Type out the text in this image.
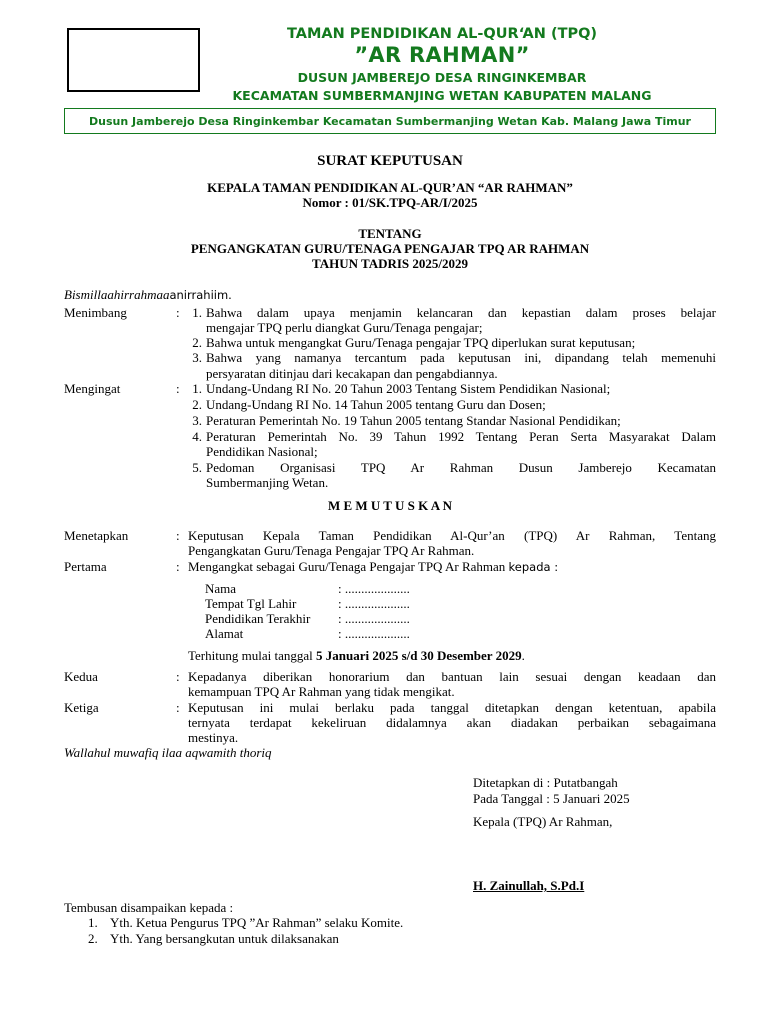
TAMAN PENDIDIKAN AL-QUR‘AN (TPQ)
”AR RAHMAN”
DUSUN JAMBEREJO DESA RINGINKEMBAR
KECAMATAN SUMBERMANJING WETAN KABUPATEN MALANG
Dusun Jamberejo Desa Ringinkembar Kecamatan Sumbermanjing Wetan Kab. Malang Jawa Timur
SURAT KEPUTUSAN
KEPALA TAMAN PENDIDIKAN AL-QUR’AN “AR RAHMAN”
Nomor : 01/SK.TPQ-AR/I/2025
TENTANG
PENGANGKATAN GURU/TENAGA PENGAJAR TPQ AR RAHMAN
TAHUN TADRIS 2025/2029
Bismillaahirrahmaaanirrahiim.
Menimbang	: 1. Bahwa dalam upaya menjamin kelancaran dan kepastian dalam proses belajar
mengajar TPQ perlu diangkat Guru/Tenaga pengajar;
2. Bahwa untuk mengangkat Guru/Tenaga pengajar TPQ diperlukan surat keputusan;
3. Bahwa yang namanya tercantum pada keputusan ini, dipandang telah memenuhi
persyaratan ditinjau dari kecakapan dan pengabdiannya.
Mengingat	: 1. Undang-Undang RI No. 20 Tahun 2003 Tentang Sistem Pendidikan Nasional;
2. Undang-Undang RI No. 14 Tahun 2005 tentang Guru dan Dosen;
3. Peraturan Pemerintah No. 19 Tahun 2005 tentang Standar Nasional Pendidikan;
4. Peraturan Pemerintah No. 39 Tahun 1992 Tentang Peran Serta Masyarakat Dalam
Pendidikan Nasional;
5. Pedoman Organisasi TPQ Ar Rahman Dusun Jamberejo Kecamatan
Sumbermanjing Wetan.
M E M U T U S K A N
Menetapkan	: Keputusan Kepala Taman Pendidikan Al-Qur’an (TPQ) Ar Rahman, Tentang
Pengangkatan Guru/Tenaga Pengajar TPQ Ar Rahman.
Pertama	: Mengangkat sebagai Guru/Tenaga Pengajar TPQ Ar Rahman kepada :
Nama	: ....................
Tempat Tgl Lahir	: ....................
Pendidikan Terakhir : ....................
Alamat	: ....................
Terhitung mulai tanggal 5 Januari 2025 s/d 30 Desember 2029.
Kedua	: Kepadanya diberikan honorarium dan bantuan lain sesuai dengan keadaan dan
kemampuan TPQ Ar Rahman yang tidak mengikat.
Ketiga	: Keputusan ini mulai berlaku pada tanggal ditetapkan dengan ketentuan, apabila
ternyata terdapat kekeliruan didalamnya akan diadakan perbaikan sebagaimana
mestinya.
Wallahul muwafiq ilaa aqwamith thoriq
Ditetapkan di : Putatbangah
Pada Tanggal : 5 Januari 2025
Kepala (TPQ) Ar Rahman,
H. Zainullah, S.Pd.I
Tembusan disampaikan kepada :
1. Yth. Ketua Pengurus TPQ ”Ar Rahman” selaku Komite.
2. Yth. Yang bersangkutan untuk dilaksanakan
